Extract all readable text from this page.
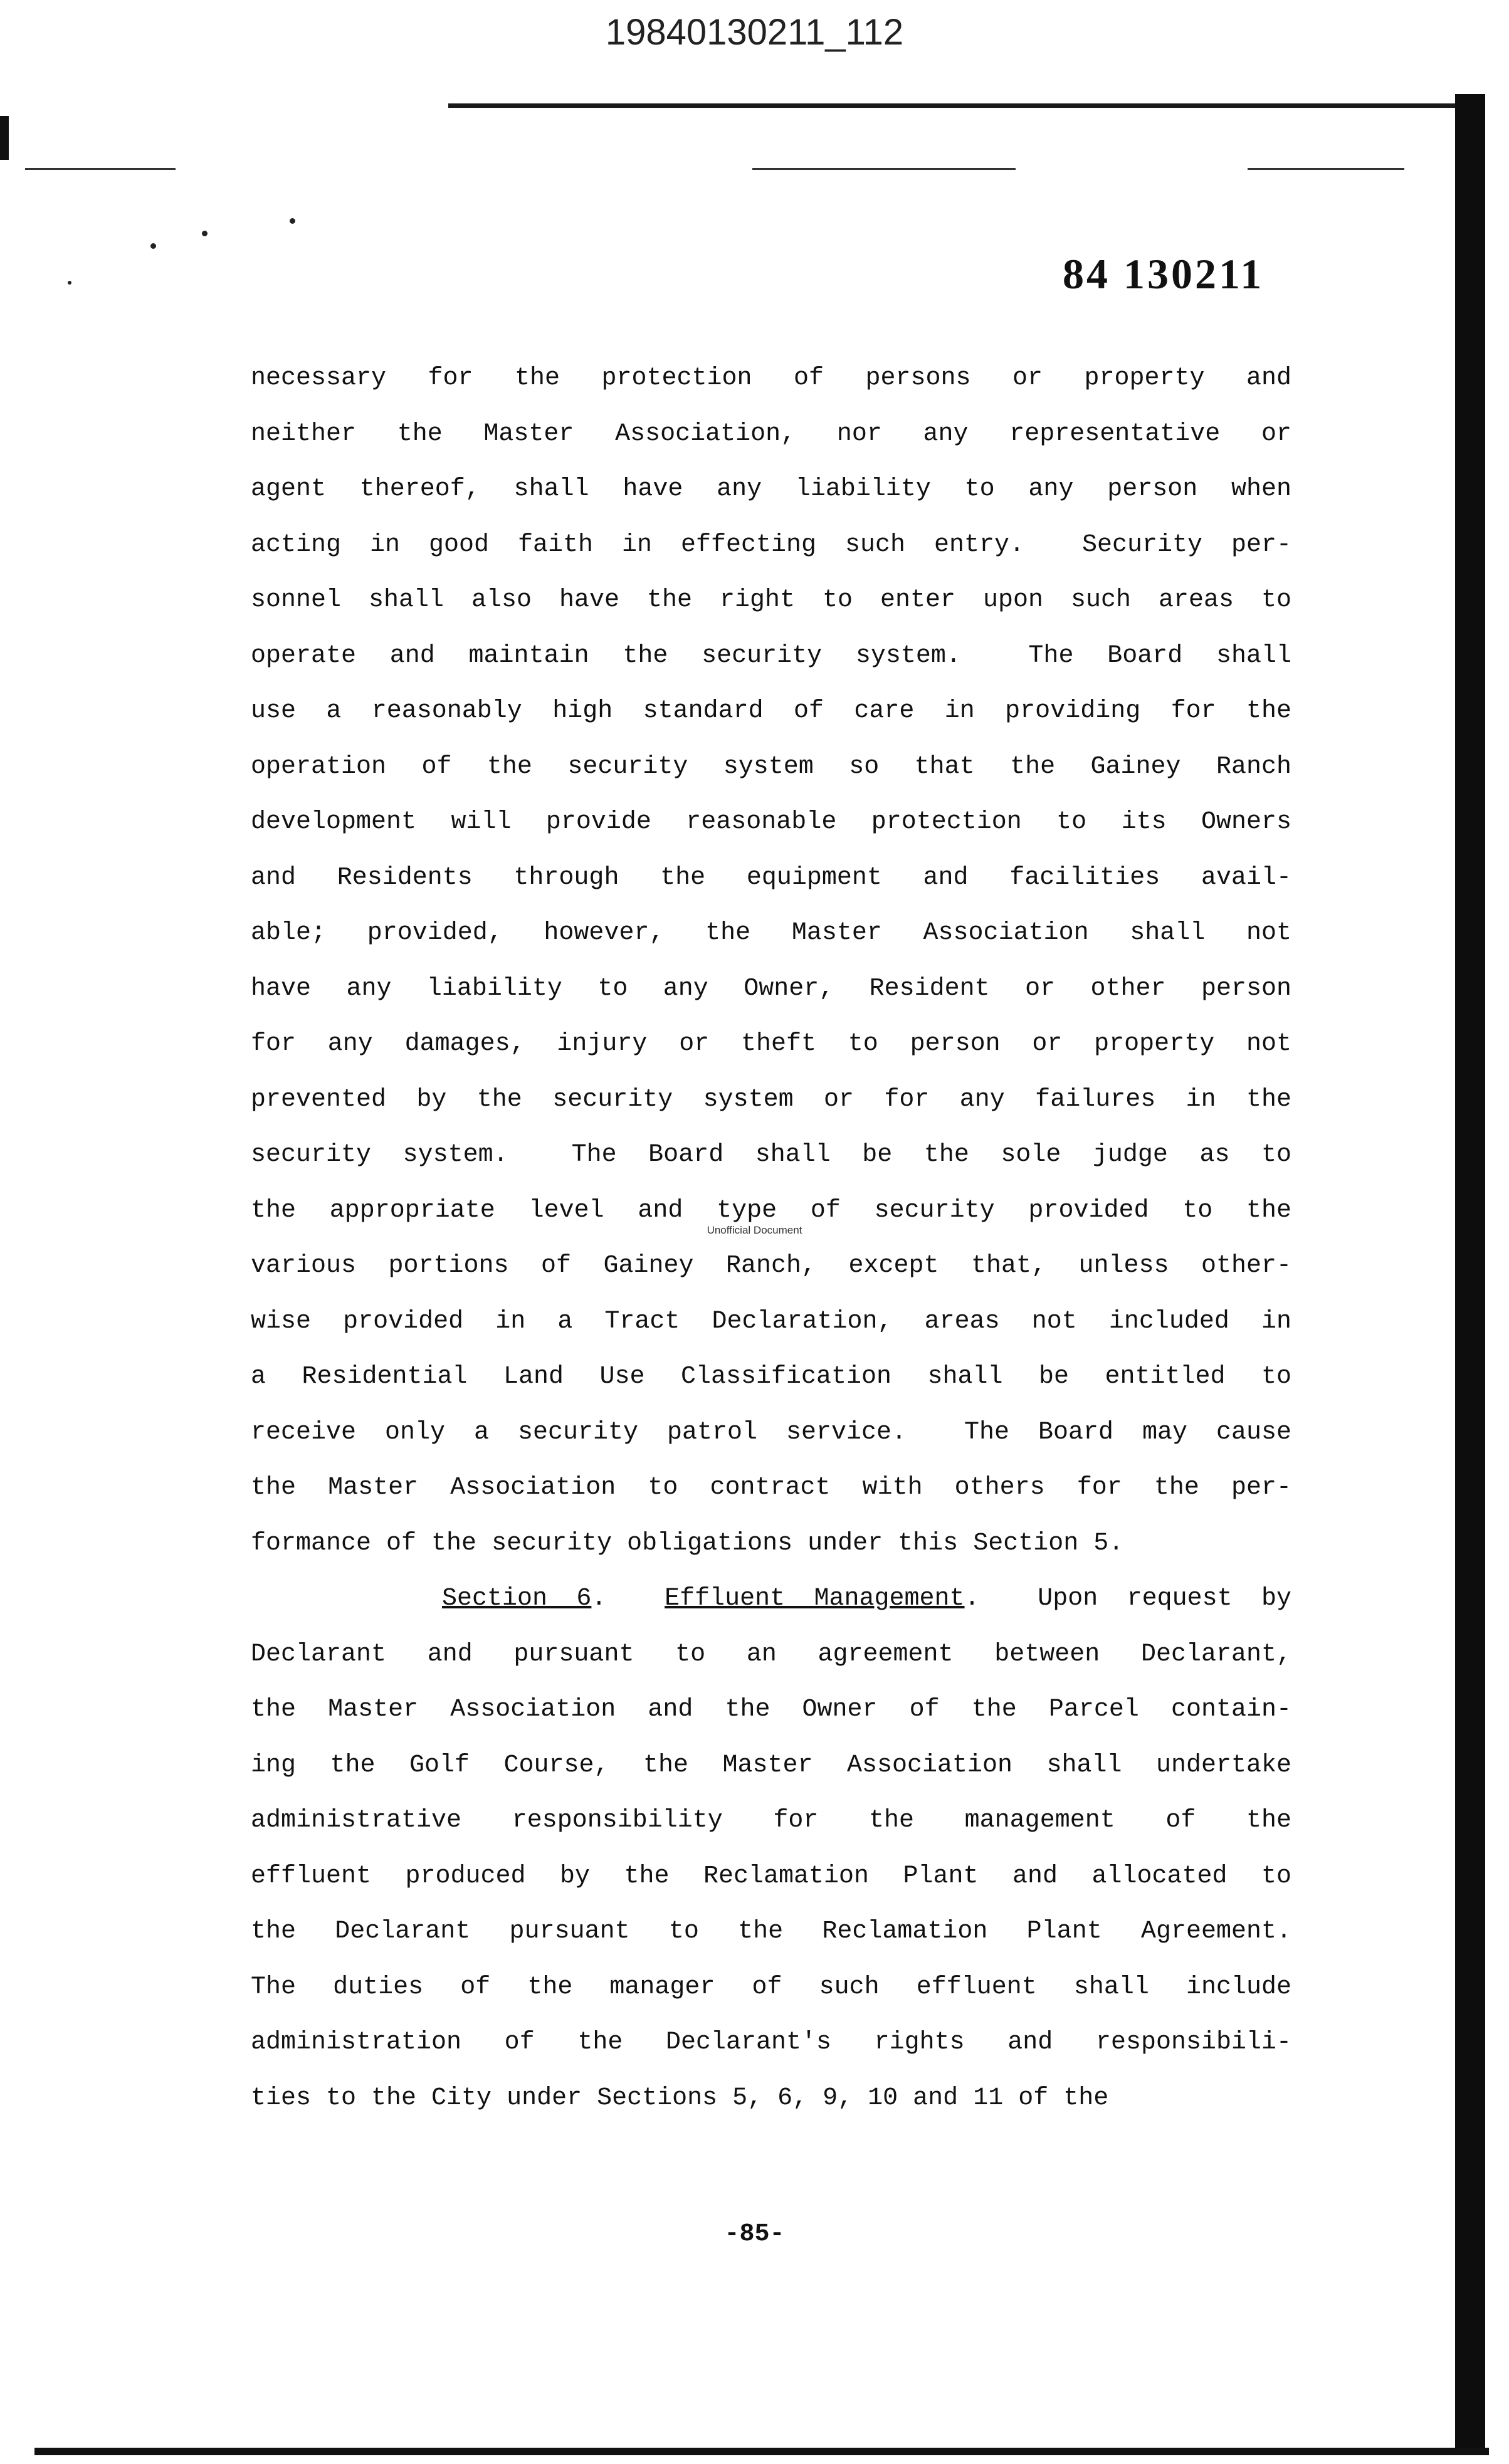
19840130211_112
84 130211
necessary for the protection of persons or property and
neither the Master Association, nor any representative or
agent thereof, shall have any liability to any person when
acting in good faith in effecting such entry.  Security per-
sonnel shall also have the right to enter upon such areas to
operate and maintain the security system.  The Board shall
use a reasonably high standard of care in providing for the
operation of the security system so that the Gainey Ranch
development will provide reasonable protection to its Owners
and Residents through the equipment and facilities avail-
able; provided, however, the Master Association shall not
have any liability to any Owner, Resident or other person
for any damages, injury or theft to person or property not
prevented by the security system or for any failures in the
security system.  The Board shall be the sole judge as to
the appropriate level and type of security provided to the
various portions of Gainey Ranch, except that, unless other-
wise provided in a Tract Declaration, areas not included in
a Residential Land Use Classification shall be entitled to
receive only a security patrol service.  The Board may cause
the Master Association to contract with others for the per-
formance of the security obligations under this Section 5.
Section 6. Effluent Management.  Upon request by
Declarant and pursuant to an agreement between Declarant,
the Master Association and the Owner of the Parcel contain-
ing the Golf Course, the Master Association shall undertake
administrative responsibility for the management of the
effluent produced by the Reclamation Plant and allocated to
the Declarant pursuant to the Reclamation Plant Agreement.
The duties of the manager of such effluent shall include
administration of the Declarant's rights and responsibili-
ties to the City under Sections 5, 6, 9, 10 and 11 of the
Unofficial Document
-85-
